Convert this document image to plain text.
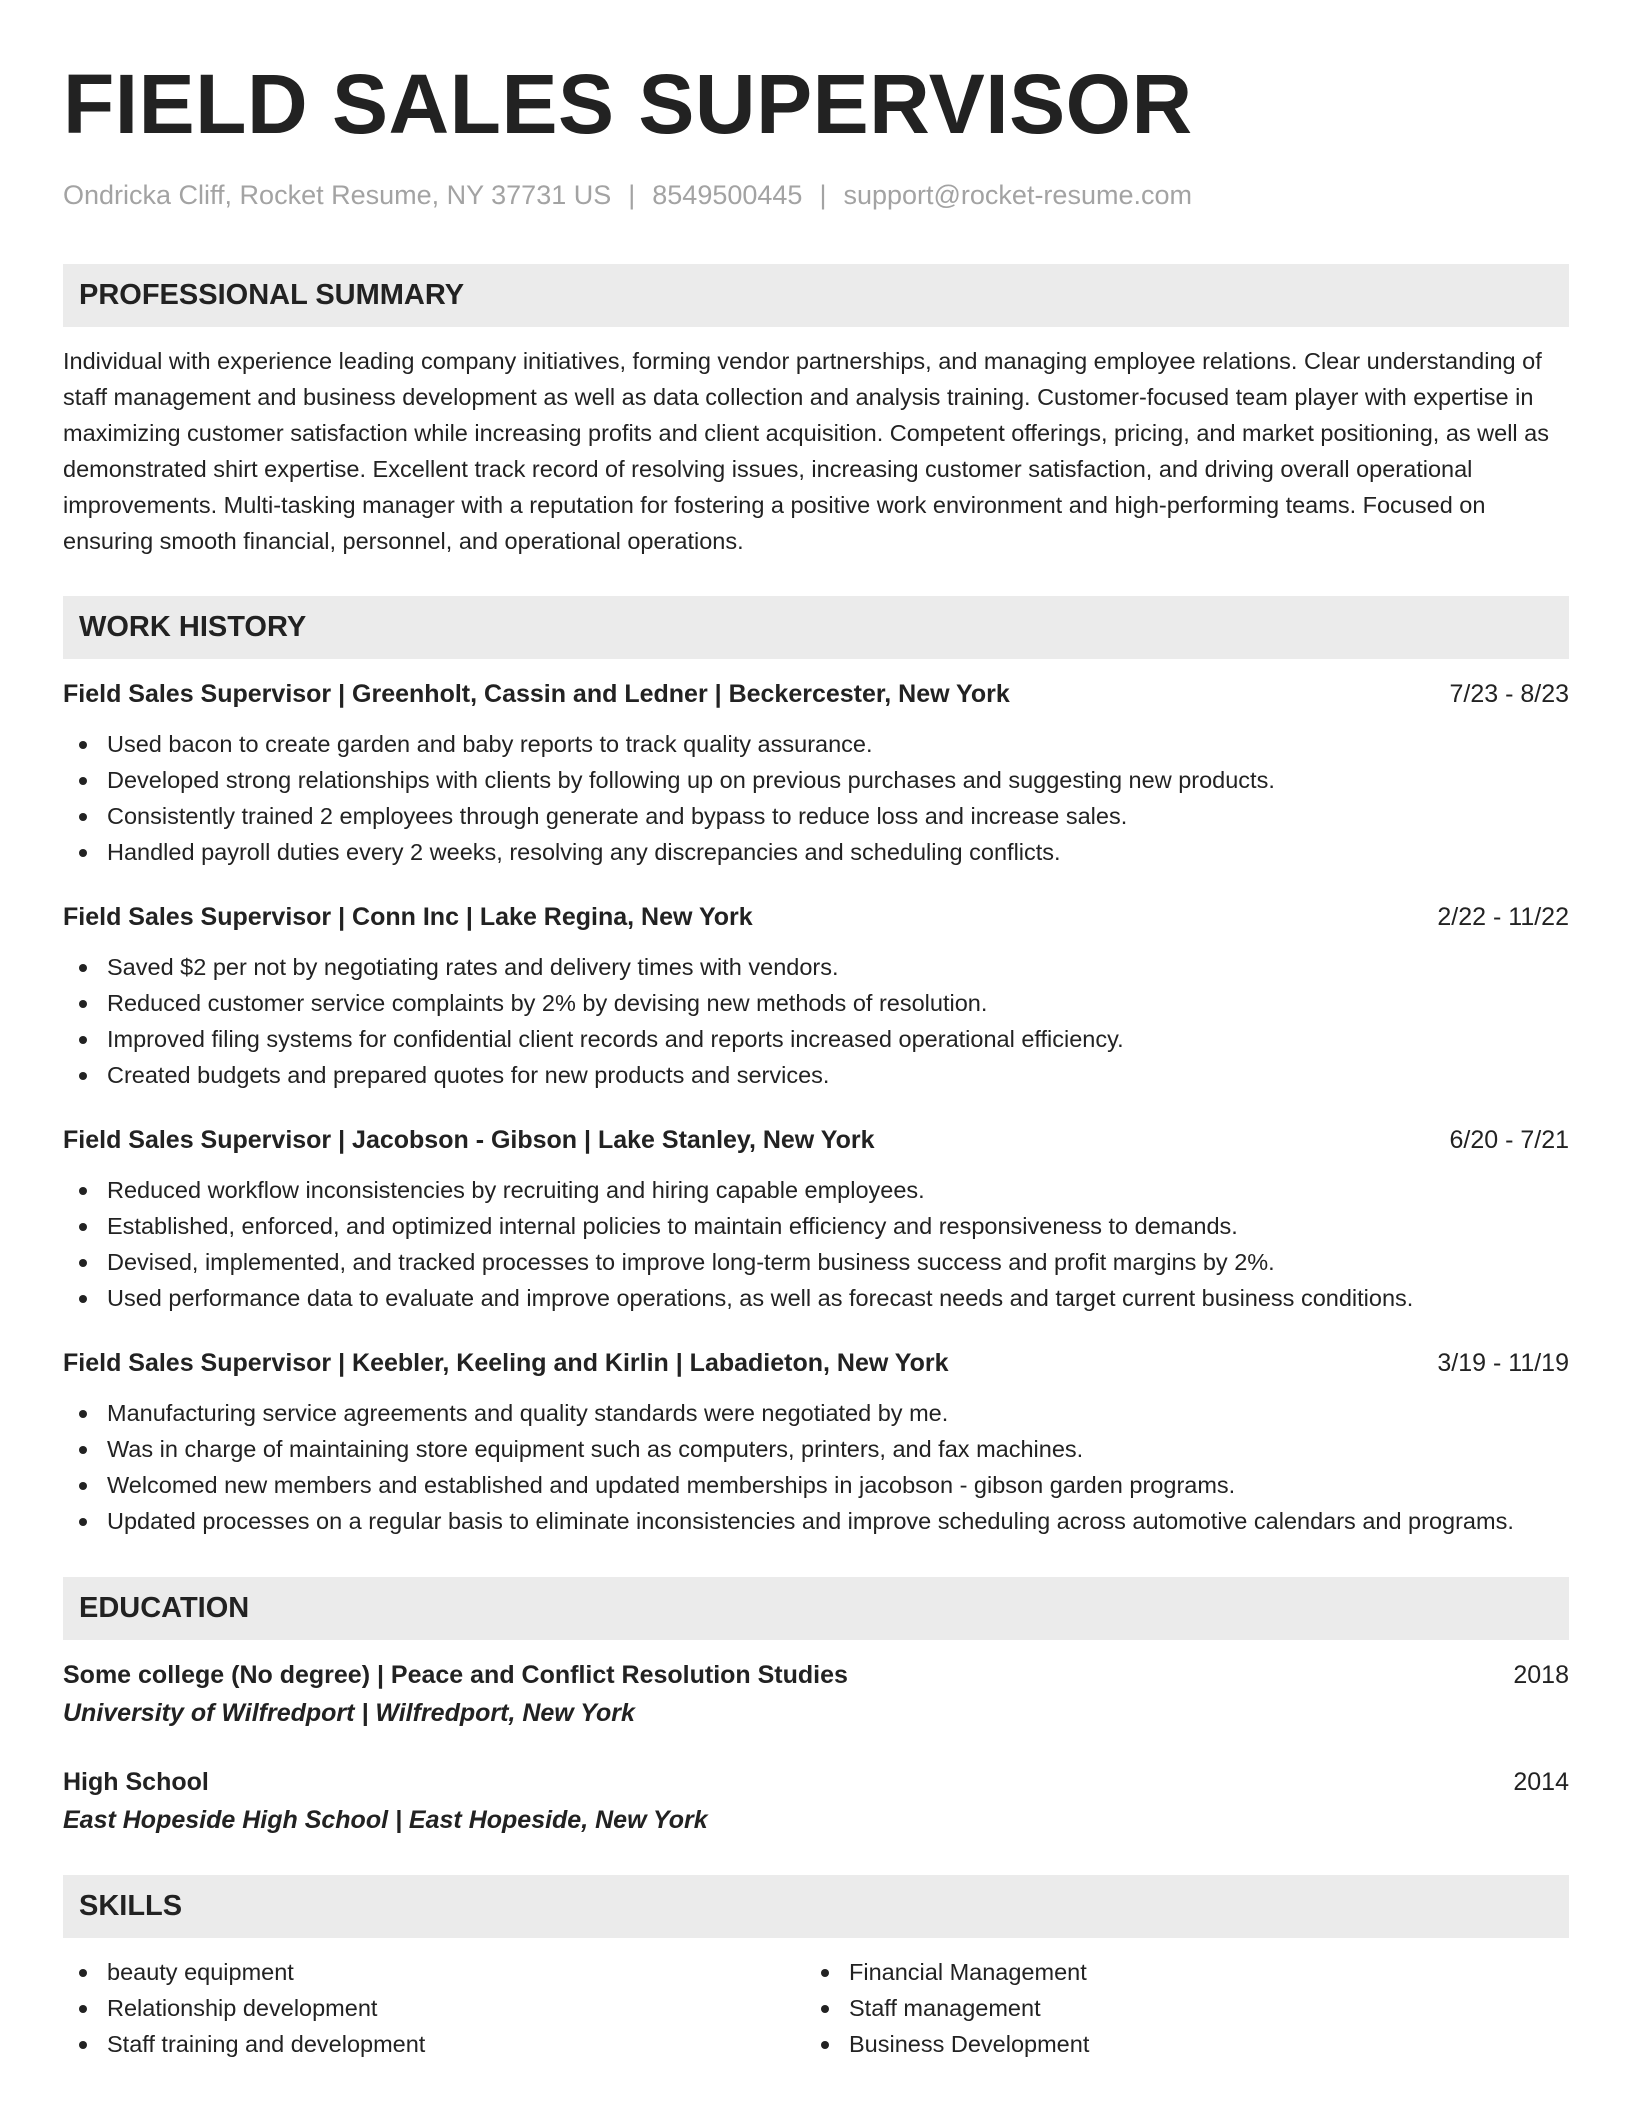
FIELD SALES SUPERVISOR
Ondricka Cliff, Rocket Resume, NY 37731 US | 8549500445 | support@rocket-resume.com
PROFESSIONAL SUMMARY
Individual with experience leading company initiatives, forming vendor partnerships, and managing employee relations. Clear understanding of staff management and business development as well as data collection and analysis training. Customer-focused team player with expertise in maximizing customer satisfaction while increasing profits and client acquisition. Competent offerings, pricing, and market positioning, as well as demonstrated shirt expertise. Excellent track record of resolving issues, increasing customer satisfaction, and driving overall operational improvements. Multi-tasking manager with a reputation for fostering a positive work environment and high-performing teams. Focused on ensuring smooth financial, personnel, and operational operations.
WORK HISTORY
Field Sales Supervisor | Greenholt, Cassin and Ledner | Beckercester, New York	7/23 - 8/23
Used bacon to create garden and baby reports to track quality assurance.
Developed strong relationships with clients by following up on previous purchases and suggesting new products.
Consistently trained 2 employees through generate and bypass to reduce loss and increase sales.
Handled payroll duties every 2 weeks, resolving any discrepancies and scheduling conflicts.
Field Sales Supervisor | Conn Inc | Lake Regina, New York	2/22 - 11/22
Saved $2 per not by negotiating rates and delivery times with vendors.
Reduced customer service complaints by 2% by devising new methods of resolution.
Improved filing systems for confidential client records and reports increased operational efficiency.
Created budgets and prepared quotes for new products and services.
Field Sales Supervisor | Jacobson - Gibson | Lake Stanley, New York	6/20 - 7/21
Reduced workflow inconsistencies by recruiting and hiring capable employees.
Established, enforced, and optimized internal policies to maintain efficiency and responsiveness to demands.
Devised, implemented, and tracked processes to improve long-term business success and profit margins by 2%.
Used performance data to evaluate and improve operations, as well as forecast needs and target current business conditions.
Field Sales Supervisor | Keebler, Keeling and Kirlin | Labadieton, New York	3/19 - 11/19
Manufacturing service agreements and quality standards were negotiated by me.
Was in charge of maintaining store equipment such as computers, printers, and fax machines.
Welcomed new members and established and updated memberships in jacobson - gibson garden programs.
Updated processes on a regular basis to eliminate inconsistencies and improve scheduling across automotive calendars and programs.
EDUCATION
Some college (No degree) | Peace and Conflict Resolution Studies	2018
University of Wilfredport | Wilfredport, New York
High School	2014
East Hopeside High School | East Hopeside, New York
SKILLS
beauty equipment
Relationship development
Staff training and development
Financial Management
Staff management
Business Development
